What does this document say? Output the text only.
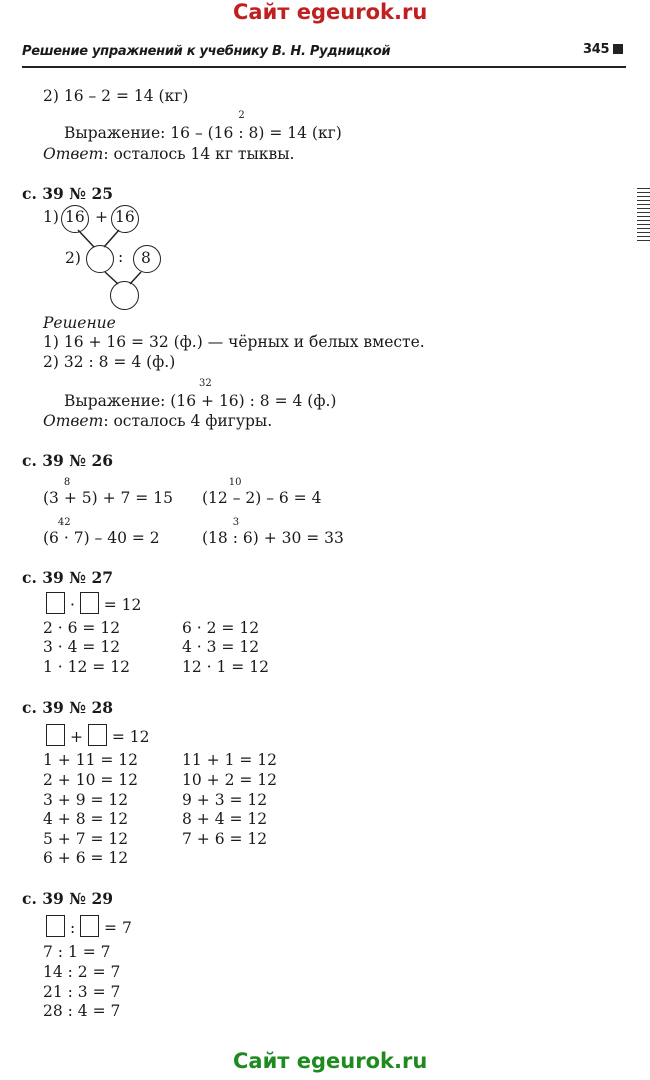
Сайт egeurok.ru
Решение упражнений к учебнику В. Н. Рудницкой	345
2) 16 – 2 = 14 (кг)
Выражение: 16 – (16 :
2
8) = 14 (кг)
Ответ: осталось 14 кг тыквы.
с. 39 № 25
1) 16 + 16
2) : 8
Решение
1) 16 + 16 = 32 (ф.) — чёрных и белых вместе.
2) 32 : 8 = 4 (ф.)
Выражение: (16 +
32
16) : 8 = 4 (ф.)
Ответ: осталось 4 фигуры.
с. 39 № 26
(3 +
8
5) + 7 = 15 (12 –
10
2) – 6 = 4
(6 ·
42
7) – 40 = 2	(18 :
3
6) + 30 = 33
с. 39 № 27
· = 12
2 · 6 = 12
3 · 4 = 12
1 · 12 = 12
6 · 2 = 12
4 · 3 = 12
12 · 1 = 12
с. 39 № 28
+ = 12
1 + 11 = 12
2 + 10 = 12
3 + 9 = 12
4 + 8 = 12
5 + 7 = 12
6 + 6 = 12
11 + 1 = 12
10 + 2 = 12
9 + 3 = 12
8 + 4 = 12
7 + 6 = 12
с. 39 № 29
: = 7
7 : 1 = 7
14 : 2 = 7
21 : 3 = 7
28 : 4 = 7
Сайт egeurok.ru
